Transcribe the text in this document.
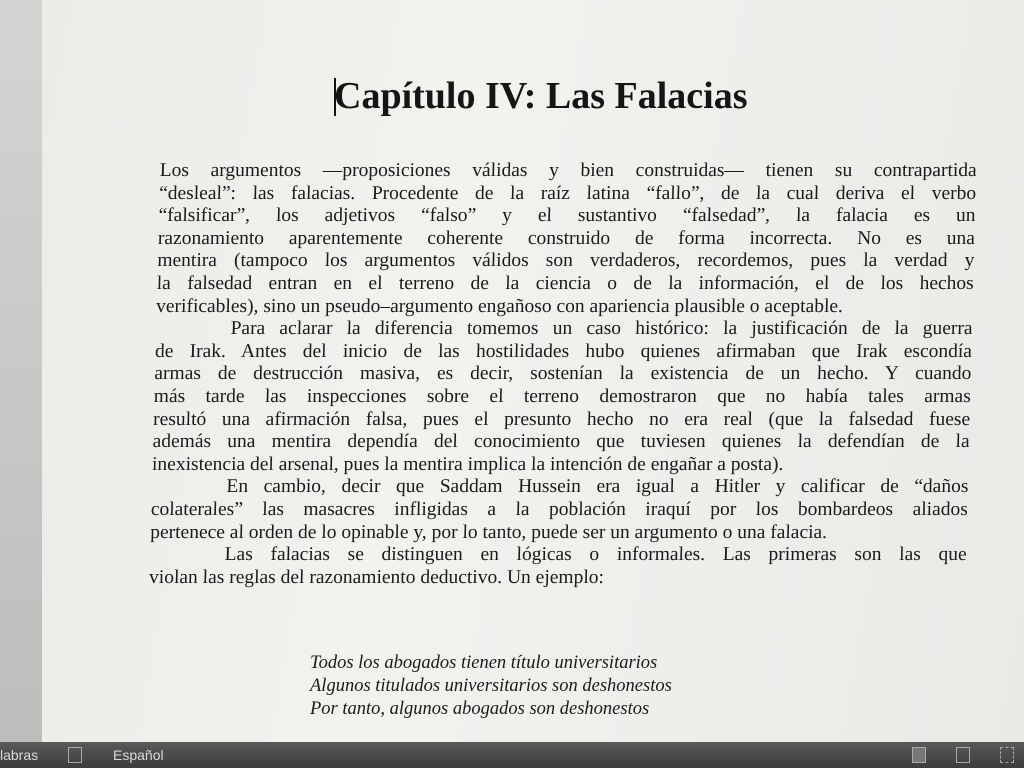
Capítulo IV: Las Falacias
Los argumentos —proposiciones válidas y bien construidas— tienen su contrapartida
“desleal”: las falacias. Procedente de la raíz latina “fallo”, de la cual deriva el verbo
“falsificar”, los adjetivos “falso” y el sustantivo “falsedad”, la falacia es un
razonamiento aparentemente coherente construido de forma incorrecta. No es una
mentira (tampoco los argumentos válidos son verdaderos, recordemos, pues la verdad y
la falsedad entran en el terreno de la ciencia o de la información, el de los hechos
verificables), sino un pseudo–argumento engañoso con apariencia plausible o aceptable.
Para aclarar la diferencia tomemos un caso histórico: la justificación de la guerra
de Irak. Antes del inicio de las hostilidades hubo quienes afirmaban que Irak escondía
armas de destrucción masiva, es decir, sostenían la existencia de un hecho. Y cuando
más tarde las inspecciones sobre el terreno demostraron que no había tales armas
resultó una afirmación falsa, pues el presunto hecho no era real (que la falsedad fuese
además una mentira dependía del conocimiento que tuviesen quienes la defendían de la
inexistencia del arsenal, pues la mentira implica la intención de engañar a posta).
En cambio, decir que Saddam Hussein era igual a Hitler y calificar de “daños
colaterales” las masacres infligidas a la población iraquí por los bombardeos aliados
pertenece al orden de lo opinable y, por lo tanto, puede ser un argumento o una falacia.
Las falacias se distinguen en lógicas o informales. Las primeras son las que
violan las reglas del razonamiento deductivo. Un ejemplo:
Todos los abogados tienen título universitarios
Algunos titulados universitarios son deshonestos
Por tanto, algunos abogados son deshonestos
labras	Español
